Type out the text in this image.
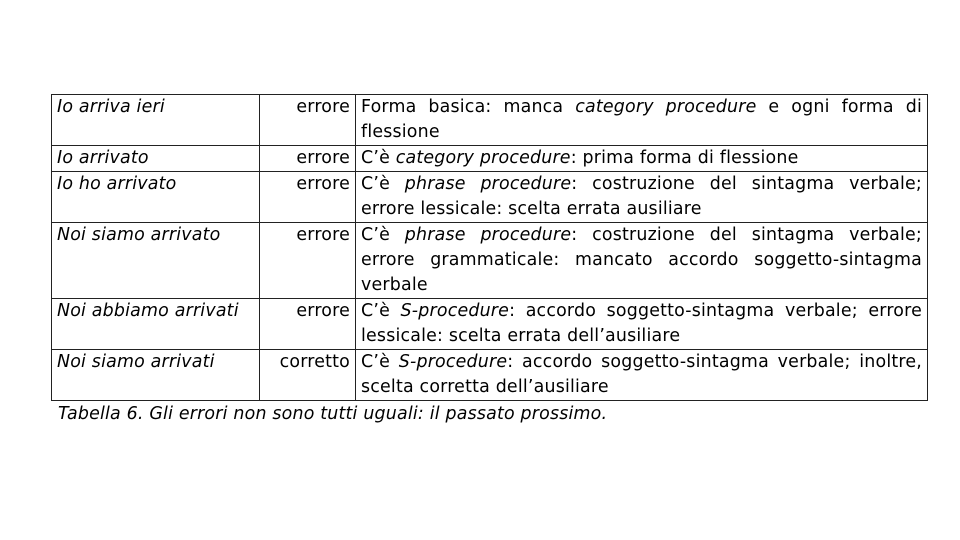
Io arriva ieri	errore	Forma basica: manca category procedure e ogni forma di flessione
Io arrivato	errore	C’è category procedure: prima forma di flessione
Io ho arrivato	errore	C’è phrase procedure: costruzione del sintagma verbale; errore lessicale: scelta errata ausiliare
Noi siamo arrivato	errore	C’è phrase procedure: costruzione del sintagma verbale; errore grammaticale: mancato accordo soggetto-sintagma verbale
Noi abbiamo arrivati	errore	C’è S-procedure: accordo soggetto-sintagma verbale; errore lessicale: scelta errata dell’ausiliare
Noi siamo arrivati	corretto	C’è S-procedure: accordo soggetto-sintagma verbale; inoltre, scelta corretta dell’ausiliare
Tabella 6. Gli errori non sono tutti uguali: il passato prossimo.
